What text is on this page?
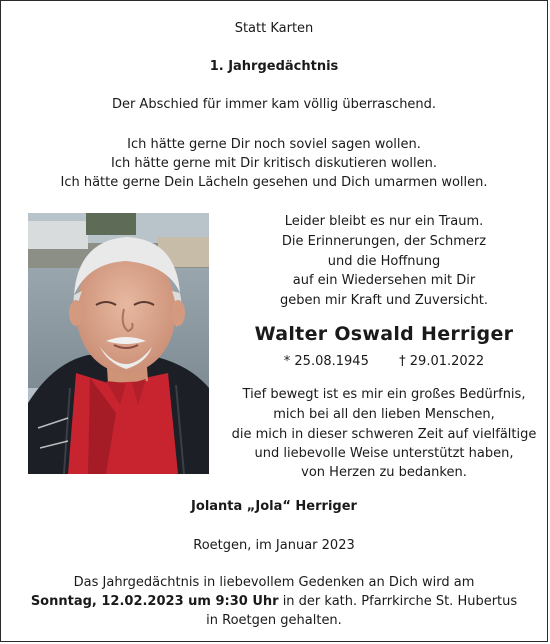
Statt Karten
1. Jahrgedächtnis
Der Abschied für immer kam völlig überraschend.
Ich hätte gerne Dir noch soviel sagen wollen.
Ich hätte gerne mit Dir kritisch diskutieren wollen.
Ich hätte gerne Dein Lächeln gesehen und Dich umarmen wollen.
Leider bleibt es nur ein Traum.
Die Erinnerungen, der Schmerz
und die Hoffnung
auf ein Wiedersehen mit Dir
geben mir Kraft und Zuversicht.
Walter Oswald Herriger
* 25.08.1945 † 29.01.2022
Tief bewegt ist es mir ein großes Bedürfnis,
mich bei all den lieben Menschen,
die mich in dieser schweren Zeit auf vielfältige
und liebevolle Weise unterstützt haben,
von Herzen zu bedanken.
Jolanta „Jola“ Herriger
Roetgen, im Januar 2023
Das Jahrgedächtnis in liebevollem Gedenken an Dich wird am
Sonntag, 12.02.2023 um 9:30 Uhr in der kath. Pfarrkirche St. Hubertus
in Roetgen gehalten.
